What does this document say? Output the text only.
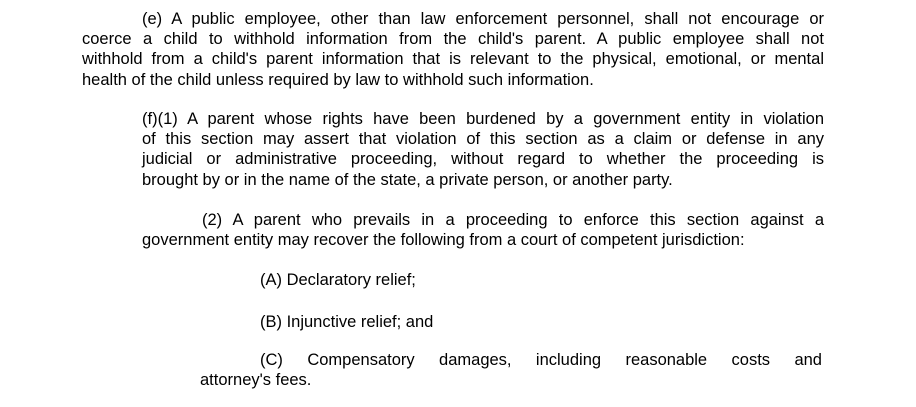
(e) A public employee, other than law enforcement personnel, shall not encourage or
coerce a child to withhold information from the child's parent. A public employee shall not
withhold from a child's parent information that is relevant to the physical, emotional, or mental
health of the child unless required by law to withhold such information.
(f)(1) A parent whose rights have been burdened by a government entity in violation
of this section may assert that violation of this section as a claim or defense in any
judicial or administrative proceeding, without regard to whether the proceeding is
brought by or in the name of the state, a private person, or another party.
(2) A parent who prevails in a proceeding to enforce this section against a
government entity may recover the following from a court of competent jurisdiction:
(A) Declaratory relief;
(B) Injunctive relief; and
(C) Compensatory damages, including reasonable costs and
attorney's fees.
